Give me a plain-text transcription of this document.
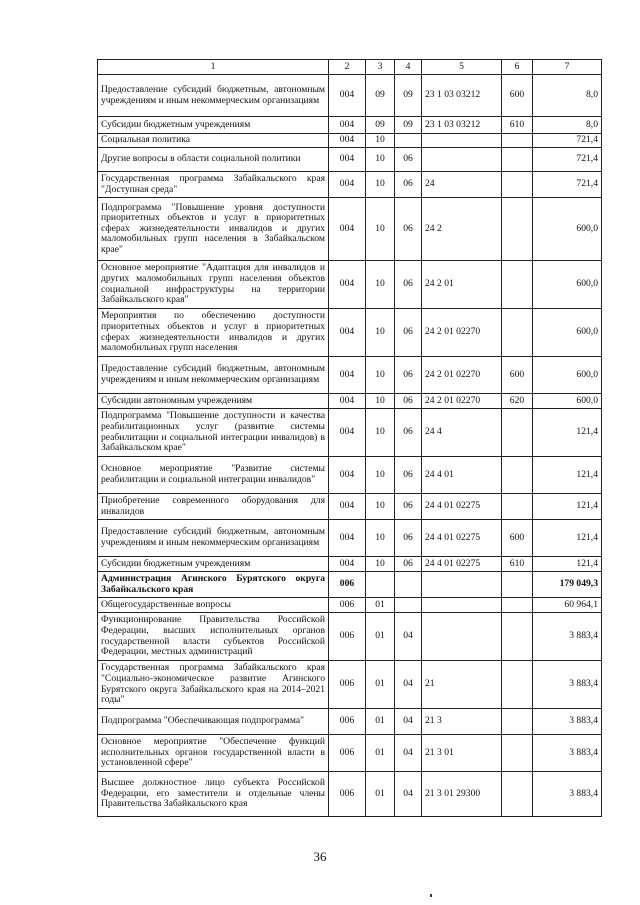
1	2	3	4	5	6	7
Предоставление субсидий бюджетным, автономным учреждениям и иным некоммерческим организациям	004	09	09	23 1 03 03212	600	8,0
Субсидии бюджетным учреждениям	004	09	09	23 1 03 03212	610	8,0
Социальная политика	004	10				721,4
Другие вопросы в области социальной политики	004	10	06			721,4
Государственная программа Забайкальского края "Доступная среда"	004	10	06	24		721,4
Подпрограмма "Повышение уровня доступности приоритетных объектов и услуг в приоритетных сферах жизнедеятельности инвалидов и других маломобильных групп населения в Забайкальском крае"	004	10	06	24 2		600,0
Основное мероприятие "Адаптация для инвалидов и других маломобильных групп населения объектов социальной инфраструктуры на территории Забайкальского края"	004	10	06	24 2 01		600,0
Мероприятия по обеспечению доступности приоритетных объектов и услуг в приоритетных сферах жизнедеятельности инвалидов и других маломобильных групп населения	004	10	06	24 2 01 02270		600,0
Предоставление субсидий бюджетным, автономным учреждениям и иным некоммерческим организациям	004	10	06	24 2 01 02270	600	600,0
Субсидии автономным учреждениям	004	10	06	24 2 01 02270	620	600,0
Подпрограмма "Повышение доступности и качества реабилитационных услуг (развитие системы реабилитации и социальной интеграции инвалидов) в Забайкальском крае"	004	10	06	24 4		121,4
Основное мероприятие "Развитие системы реабилитации и социальной интеграции инвалидов"	004	10	06	24 4 01		121,4
Приобретение современного оборудования для инвалидов	004	10	06	24 4 01 02275		121,4
Предоставление субсидий бюджетным, автономным учреждениям и иным некоммерческим организациям	004	10	06	24 4 01 02275	600	121,4
Субсидии бюджетным учреждениям	004	10	06	24 4 01 02275	610	121,4
Администрация Агинского Бурятского округа Забайкальского края	006					179 049,3
Общегосударственные вопросы	006	01				60 964,1
Функционирование Правительства Российской Федерации, высших исполнительных органов государственной власти субъектов Российской Федерации, местных администраций	006	01	04			3 883,4
Государственная программа Забайкальского края "Социально-экономическое развитие Агинского Бурятского округа Забайкальского края на 2014–2021 годы"	006	01	04	21		3 883,4
Подпрограмма "Обеспечивающая подпрограмма"	006	01	04	21 3		3 883,4
Основное мероприятие "Обеспечение функций исполнительных органов государственной власти в установленной сфере"	006	01	04	21 3 01		3 883,4
Высшее должностное лицо субъекта Российской Федерации, его заместители и отдельные члены Правительства Забайкальского края	006	01	04	21 3 01 29300		3 883,4
36
